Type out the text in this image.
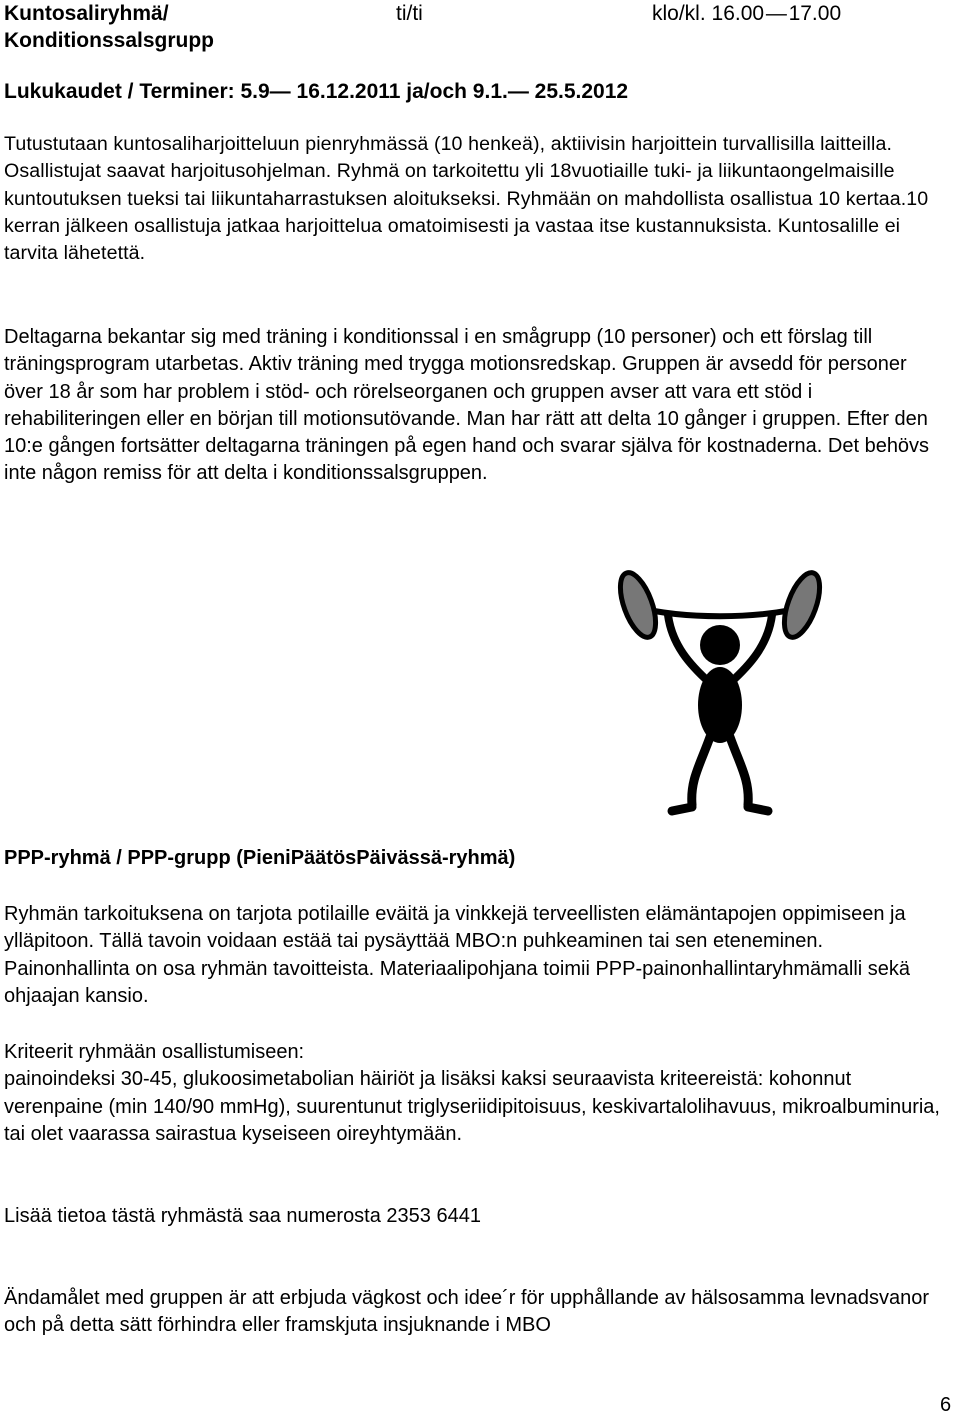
Kuntosaliryhmä/
Konditionssalsgrupp
ti/ti	klo/kl. 16.00 — 17.00
Lukukaudet / Terminer: 5.9— 16.12.2011 ja/och 9.1.— 25.5.2012

Tutustutaan kuntosaliharjoitteluun pienryhmässä (10 henkeä), aktiivisin harjoittein turvallisilla laitteilla. Osallistujat saavat harjoitusohjelman. Ryhmä on tarkoitettu yli 18vuotiaille tuki- ja liikuntaongelmaisille kuntoutuksen tueksi tai liikuntaharrastuksen aloitukseksi. Ryhmään on mahdollista osallistua 10 kertaa.10 kerran jälkeen osallistuja jatkaa harjoittelua omatoimisesti ja vastaa itse kustannuksista. Kuntosalille ei tarvita lähetettä.

Deltagarna bekantar sig med träning i konditionssal i en smågrupp (10 personer) och ett förslag till träningsprogram utarbetas. Aktiv träning med trygga motionsredskap. Gruppen är avsedd för personer över 18 år som har problem i stöd- och rörelseorganen och gruppen avser att vara ett stöd i rehabiliteringen eller en början till motionsutövande. Man har rätt att delta 10 gånger i gruppen. Efter den 10:e gången fortsätter deltagarna träningen på egen hand och svarar själva för kostnaderna. Det behövs inte någon remiss för att delta i konditionssalsgruppen.

PPP-ryhmä / PPP-grupp (PieniPäätösPäivässä-ryhmä)

Ryhmän tarkoituksena on tarjota potilaille eväitä ja vinkkejä terveellisten elämäntapojen oppimiseen ja ylläpitoon. Tällä tavoin voidaan estää tai pysäyttää MBO:n puhkeaminen tai sen eteneminen. Painonhallinta on osa ryhmän tavoitteista. Materiaalipohjana toimii PPP-painonhallintaryhmämalli sekä ohjaajan kansio.

Kriteerit ryhmään osallistumiseen:
painoindeksi 30-45, glukoosimetabolian häiriöt ja lisäksi kaksi seuraavista kriteereistä: kohonnut verenpaine (min 140/90 mmHg), suurentunut triglyseriidipitoisuus, keskivartalolihavuus, mikroalbuminuria, tai olet vaarassa sairastua kyseiseen oireyhtymään.

Lisää tietoa tästä ryhmästä saa numerosta 2353 6441

Ändamålet med gruppen är att erbjuda vägkost och idee´r för upphållande av hälsosamma levnadsvanor och på detta sätt förhindra eller framskjuta insjuknande i MBO

6
